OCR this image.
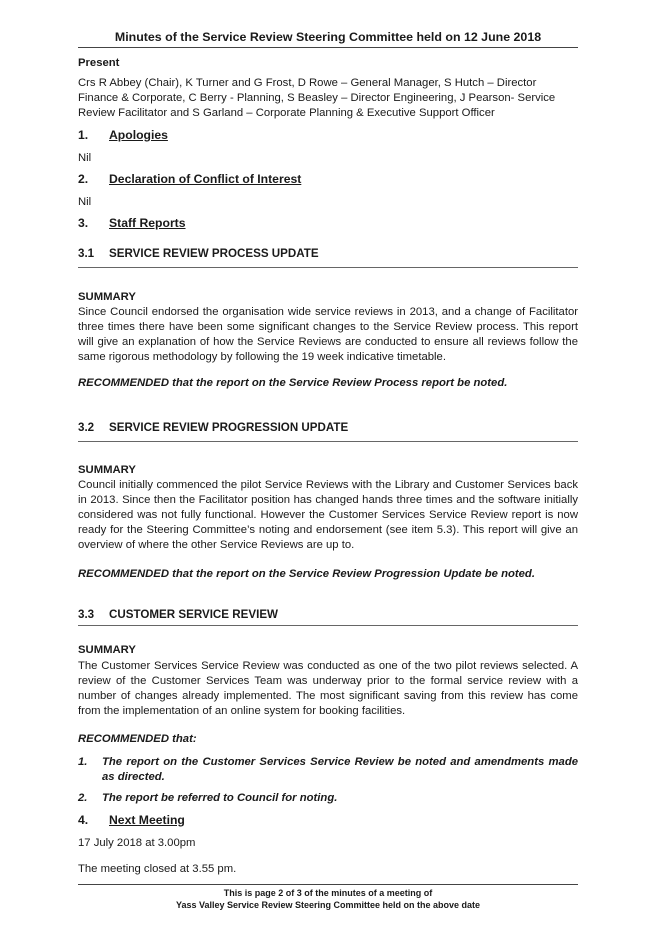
Minutes of the Service Review Steering Committee held on 12 June 2018
Present
Crs R Abbey (Chair), K Turner and G Frost, D Rowe – General Manager, S Hutch – Director Finance & Corporate, C Berry - Planning, S Beasley – Director Engineering, J Pearson- Service Review Facilitator and S Garland – Corporate Planning & Executive Support Officer
1. Apologies
Nil
2. Declaration of Conflict of Interest
Nil
3. Staff Reports
3.1 SERVICE REVIEW PROCESS UPDATE
SUMMARY
Since Council endorsed the organisation wide service reviews in 2013, and a change of Facilitator three times there have been some significant changes to the Service Review process. This report will give an explanation of how the Service Reviews are conducted to ensure all reviews follow the same rigorous methodology by following the 19 week indicative timetable.
RECOMMENDED that the report on the Service Review Process report be noted.
3.2 SERVICE REVIEW PROGRESSION UPDATE
SUMMARY
Council initially commenced the pilot Service Reviews with the Library and Customer Services back in 2013. Since then the Facilitator position has changed hands three times and the software initially considered was not fully functional. However the Customer Services Service Review report is now ready for the Steering Committee’s noting and endorsement (see item 5.3). This report will give an overview of where the other Service Reviews are up to.
RECOMMENDED that the report on the Service Review Progression Update be noted.
3.3 CUSTOMER SERVICE REVIEW
SUMMARY
The Customer Services Service Review was conducted as one of the two pilot reviews selected. A review of the Customer Services Team was underway prior to the formal service review with a number of changes already implemented. The most significant saving from this review has come from the implementation of an online system for booking facilities.
RECOMMENDED that:
1. The report on the Customer Services Service Review be noted and amendments made as directed.
2. The report be referred to Council for noting.
4. Next Meeting
17 July 2018 at 3.00pm
The meeting closed at 3.55 pm.
This is page 2 of 3 of the minutes of a meeting of
Yass Valley Service Review Steering Committee held on the above date
